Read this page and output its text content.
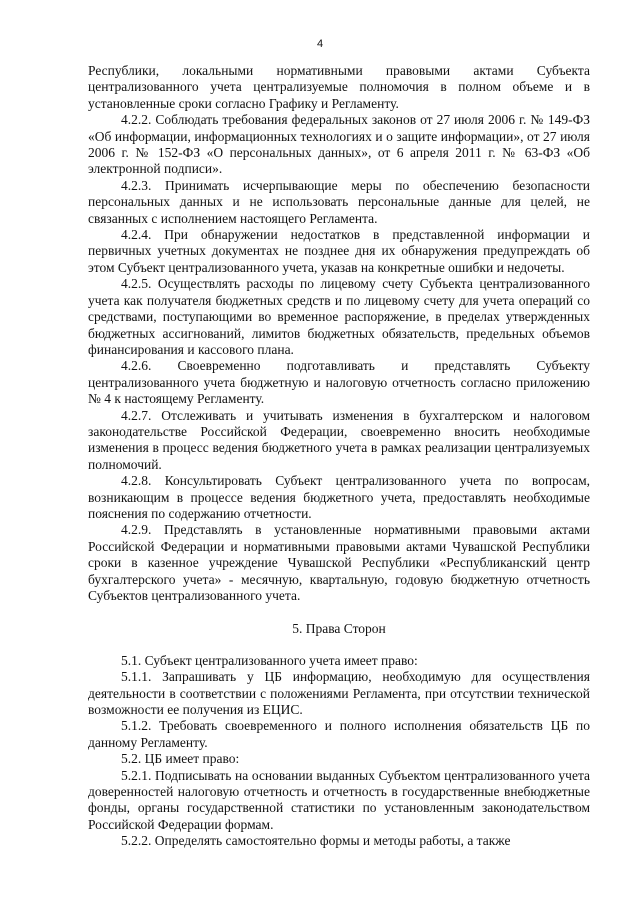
4

Республики, локальными нормативными правовыми актами Субъекта централизованного учета централизуемые полномочия в полном объеме и в установленные сроки согласно Графику и Регламенту.

4.2.2. Соблюдать требования федеральных законов от 27 июля 2006 г. № 149-ФЗ «Об информации, информационных технологиях и о защите информации», от 27 июля 2006 г. № 152-ФЗ «О персональных данных», от 6 апреля 2011 г. № 63-ФЗ «Об электронной подписи».

4.2.3. Принимать исчерпывающие меры по обеспечению безопасности персональных данных и не использовать персональные данные для целей, не связанных с исполнением настоящего Регламента.

4.2.4. При обнаружении недостатков в представленной информации и первичных учетных документах не позднее дня их обнаружения предупреждать об этом Субъект централизованного учета, указав на конкретные ошибки и недочеты.

4.2.5. Осуществлять расходы по лицевому счету Субъекта централизованного учета как получателя бюджетных средств и по лицевому счету для учета операций со средствами, поступающими во временное распоряжение, в пределах утвержденных бюджетных ассигнований, лимитов бюджетных обязательств, предельных объемов финансирования и кассового плана.

4.2.6. Своевременно подготавливать и представлять Субъекту централизованного учета бюджетную и налоговую отчетность согласно приложению № 4 к настоящему Регламенту.

4.2.7. Отслеживать и учитывать изменения в бухгалтерском и налоговом законодательстве Российской Федерации, своевременно вносить необходимые изменения в процесс ведения бюджетного учета в рамках реализации централизуемых полномочий.

4.2.8. Консультировать Субъект централизованного учета по вопросам, возникающим в процессе ведения бюджетного учета, предоставлять необходимые пояснения по содержанию отчетности.

4.2.9. Представлять в установленные нормативными правовыми актами Российской Федерации и нормативными правовыми актами Чувашской Республики сроки в казенное учреждение Чувашской Республики «Республиканский центр бухгалтерского учета» - месячную, квартальную, годовую бюджетную отчетность Субъектов централизованного учета.

5. Права Сторон

5.1. Субъект централизованного учета имеет право:

5.1.1. Запрашивать у ЦБ информацию, необходимую для осуществления деятельности в соответствии с положениями Регламента, при отсутствии технической возможности ее получения из ЕЦИС.

5.1.2. Требовать своевременного и полного исполнения обязательств ЦБ по данному Регламенту.

5.2. ЦБ имеет право:

5.2.1. Подписывать на основании выданных Субъектом централизованного учета доверенностей налоговую отчетность и отчетность в государственные внебюджетные фонды, органы государственной статистики по установленным законодательством Российской Федерации формам.

5.2.2. Определять самостоятельно формы и методы работы, а также
